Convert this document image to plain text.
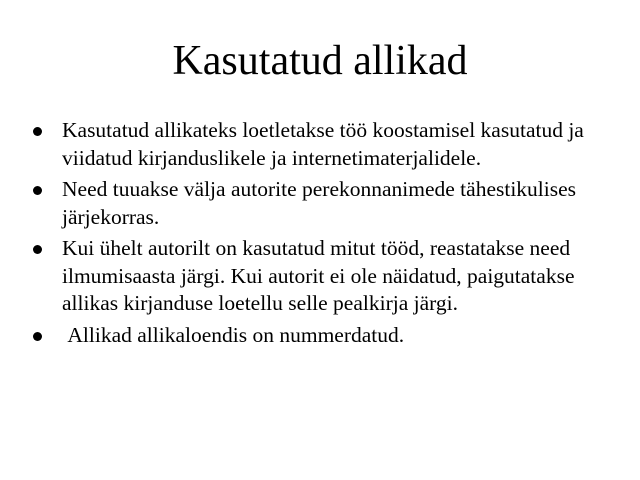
Kasutatud allikad
Kasutatud allikateks loetletakse töö koostamisel kasutatud ja viidatud kirjanduslikele ja internetimaterjalidele.
Need tuuakse välja autorite perekonnanimede tähestikulises järjekorras.
Kui ühelt autorilt on kasutatud mitut tööd, reastatakse need ilmumisaasta järgi. Kui autorit ei ole näidatud, paigutatakse allikas kirjanduse loetellu selle pealkirja järgi.
Allikad allikaloendis on nummerdatud.
